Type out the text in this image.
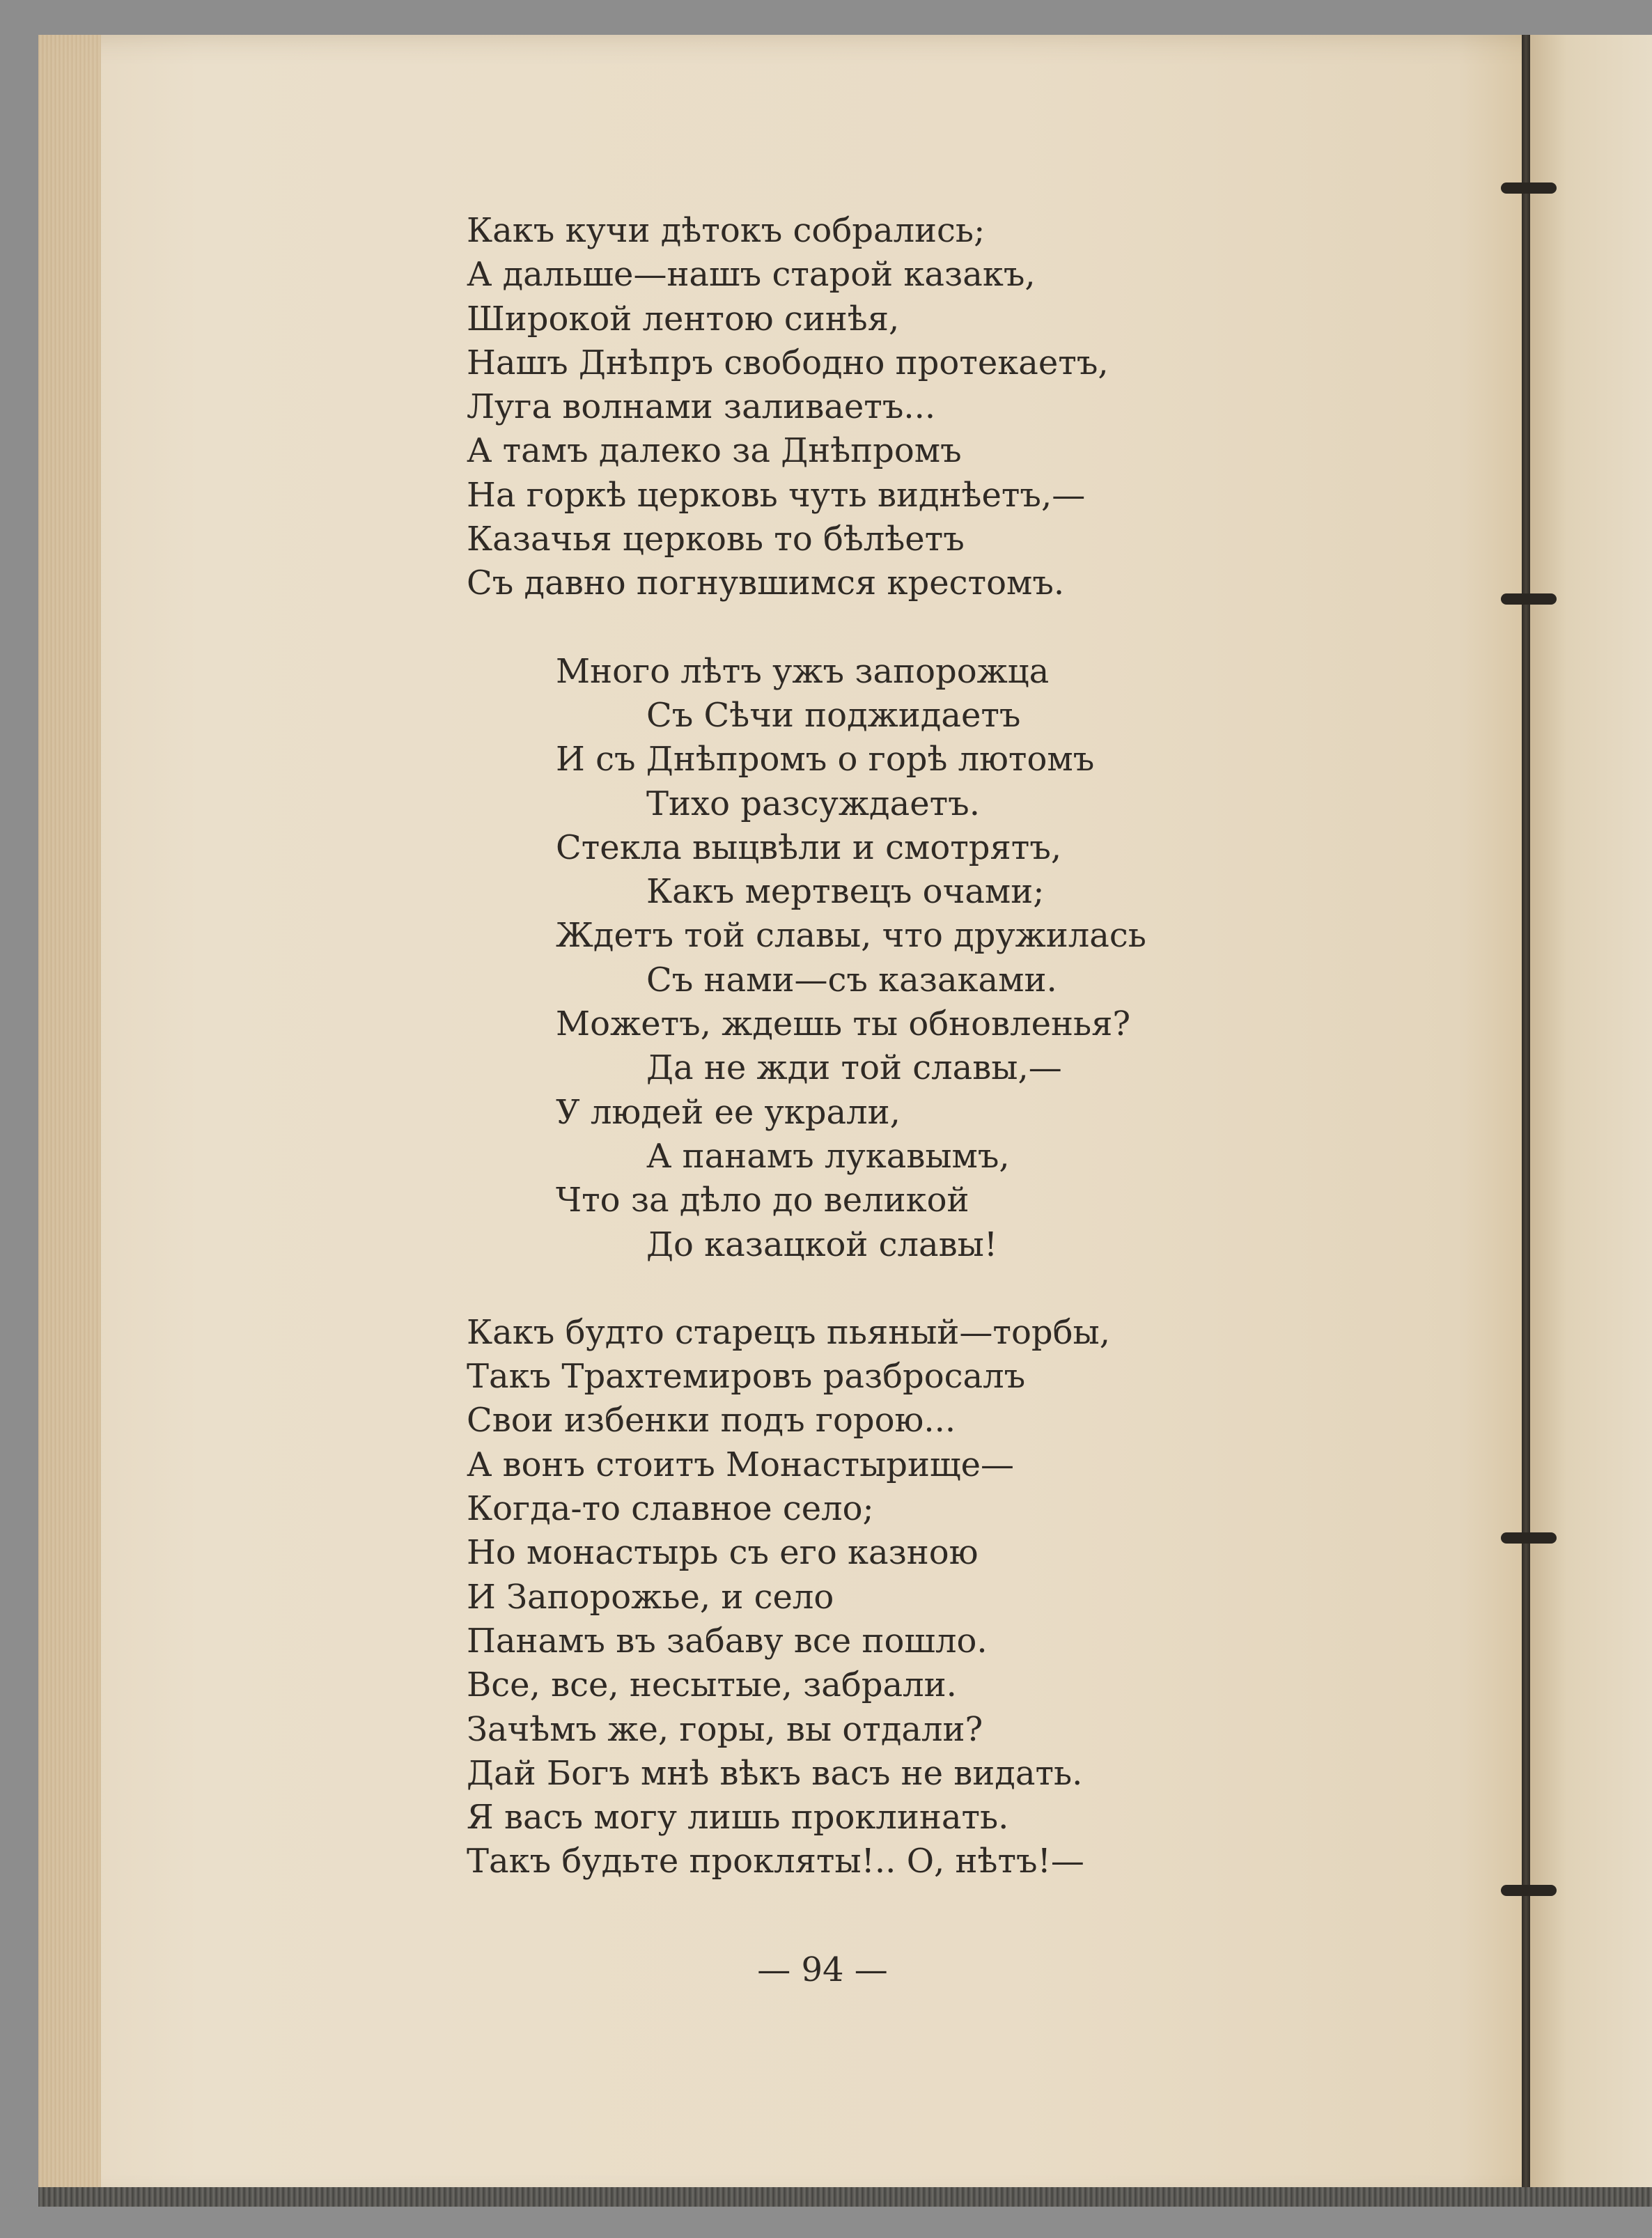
Какъ кучи дѣтокъ собрались;
А дальше—нашъ старой казакъ,
Широкой лентою синѣя,
Нашъ Днѣпръ свободно протекаетъ,
Луга волнами заливаетъ...
А тамъ далеко за Днѣпромъ
На горкѣ церковь чуть виднѣетъ,—
Казачья церковь то бѣлѣетъ
Съ давно погнувшимся крестомъ.
Много лѣтъ ужъ запорожца
Съ Сѣчи поджидаетъ
И съ Днѣпромъ о горѣ лютомъ
Тихо разсуждаетъ.
Стекла выцвѣли и смотрятъ,
Какъ мертвецъ очами;
Ждетъ той славы, что дружилась
Съ нами—съ казаками.
Можетъ, ждешь ты обновленья?
Да не жди той славы,—
У людей ее украли,
А панамъ лукавымъ,
Что за дѣло до великой
До казацкой славы!
Какъ будто старецъ пьяный—торбы,
Такъ Трахтемировъ разбросалъ
Свои избенки подъ горою...
А вонъ стоитъ Монастырище—
Когда-то славное село;
Но монастырь съ его казною
И Запорожье, и село
Панамъ въ забаву все пошло.
Все, все, несытые, забрали.
Зачѣмъ же, горы, вы отдали?
Дай Богъ мнѣ вѣкъ васъ не видать.
Я васъ могу лишь проклинать.
Такъ будьте прокляты!.. О, нѣтъ!—
— 94 —
